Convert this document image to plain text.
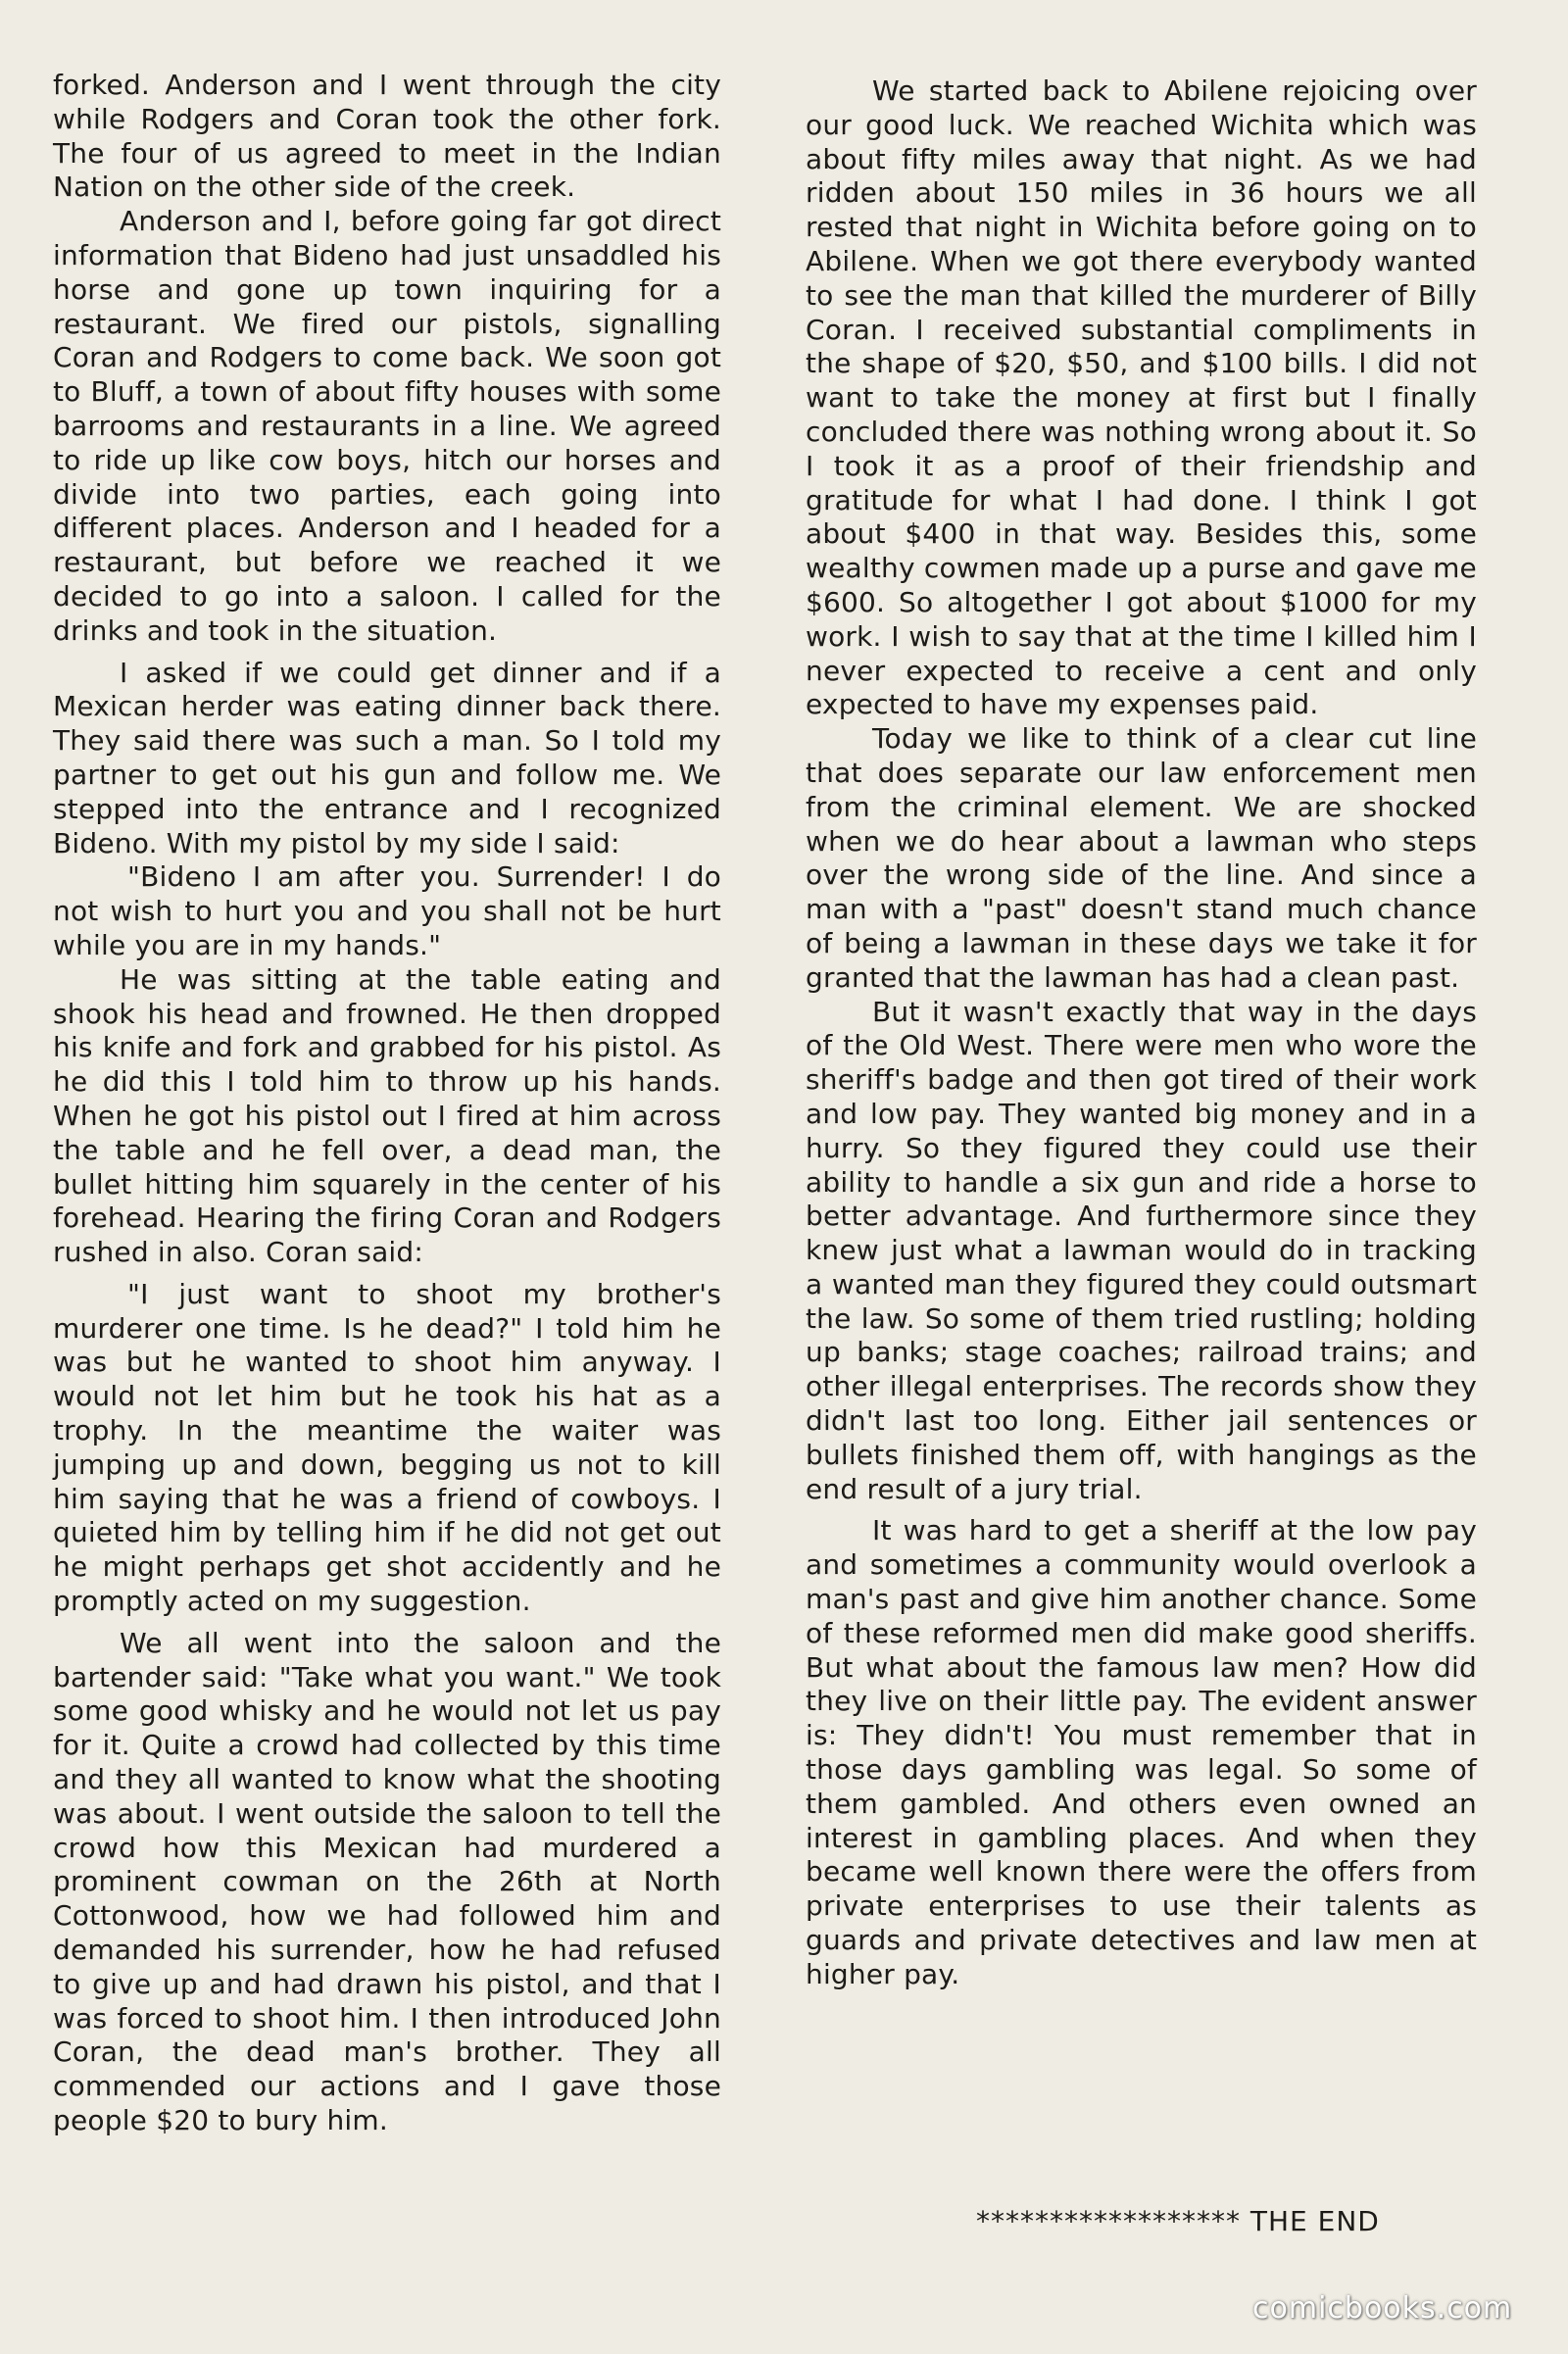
forked. Anderson and I went through the city while Rodgers and Coran took the other fork. The four of us agreed to meet in the Indian Nation on the other side of the creek.

Anderson and I, before going far got direct information that Bideno had just unsaddled his horse and gone up town inquiring for a restaurant. We fired our pistols, signalling Coran and Rodgers to come back. We soon got to Bluff, a town of about fifty houses with some barrooms and restaurants in a line. We agreed to ride up like cow boys, hitch our horses and divide into two parties, each going into different places. Anderson and I headed for a restaurant, but before we reached it we decided to go into a saloon. I called for the drinks and took in the situation.

I asked if we could get dinner and if a Mexican herder was eating dinner back there. They said there was such a man. So I told my partner to get out his gun and follow me. We stepped into the entrance and I recognized Bideno. With my pistol by my side I said:

"Bideno I am after you. Surrender! I do not wish to hurt you and you shall not be hurt while you are in my hands."

He was sitting at the table eating and shook his head and frowned. He then dropped his knife and fork and grabbed for his pistol. As he did this I told him to throw up his hands. When he got his pistol out I fired at him across the table and he fell over, a dead man, the bullet hitting him squarely in the center of his forehead. Hearing the firing Coran and Rodgers rushed in also. Coran said:

"I just want to shoot my brother's murderer one time. Is he dead?" I told him he was but he wanted to shoot him anyway. I would not let him but he took his hat as a trophy. In the meantime the waiter was jumping up and down, begging us not to kill him saying that he was a friend of cowboys. I quieted him by telling him if he did not get out he might perhaps get shot accidently and he promptly acted on my suggestion.

We all went into the saloon and the bartender said: "Take what you want." We took some good whisky and he would not let us pay for it. Quite a crowd had collected by this time and they all wanted to know what the shooting was about. I went outside the saloon to tell the crowd how this Mexican had murdered a prominent cowman on the 26th at North Cottonwood, how we had followed him and demanded his surrender, how he had refused to give up and had drawn his pistol, and that I was forced to shoot him. I then introduced John Coran, the dead man's brother. They all commended our actions and I gave those people $20 to bury him.

We started back to Abilene rejoicing over our good luck. We reached Wichita which was about fifty miles away that night. As we had ridden about 150 miles in 36 hours we all rested that night in Wichita before going on to Abilene. When we got there everybody wanted to see the man that killed the murderer of Billy Coran. I received substantial compliments in the shape of $20, $50, and $100 bills. I did not want to take the money at first but I finally concluded there was nothing wrong about it. So I took it as a proof of their friendship and gratitude for what I had done. I think I got about $400 in that way. Besides this, some wealthy cowmen made up a purse and gave me $600. So altogether I got about $1000 for my work. I wish to say that at the time I killed him I never expected to receive a cent and only expected to have my expenses paid.

Today we like to think of a clear cut line that does separate our law enforcement men from the criminal element. We are shocked when we do hear about a lawman who steps over the wrong side of the line. And since a man with a "past" doesn't stand much chance of being a lawman in these days we take it for granted that the lawman has had a clean past.

But it wasn't exactly that way in the days of the Old West. There were men who wore the sheriff's badge and then got tired of their work and low pay. They wanted big money and in a hurry. So they figured they could use their ability to handle a six gun and ride a horse to better advantage. And furthermore since they knew just what a lawman would do in tracking a wanted man they figured they could outsmart the law. So some of them tried rustling; holding up banks; stage coaches; railroad trains; and other illegal enterprises. The records show they didn't last too long. Either jail sentences or bullets finished them off, with hangings as the end result of a jury trial.

It was hard to get a sheriff at the low pay and sometimes a community would overlook a man's past and give him another chance. Some of these reformed men did make good sheriffs. But what about the famous law men? How did they live on their little pay. The evident answer is: They didn't! You must remember that in those days gambling was legal. So some of them gambled. And others even owned an interest in gambling places. And when they became well known there were the offers from private enterprises to use their talents as guards and private detectives and law men at higher pay.

****************** THE END
comicbooks.com
